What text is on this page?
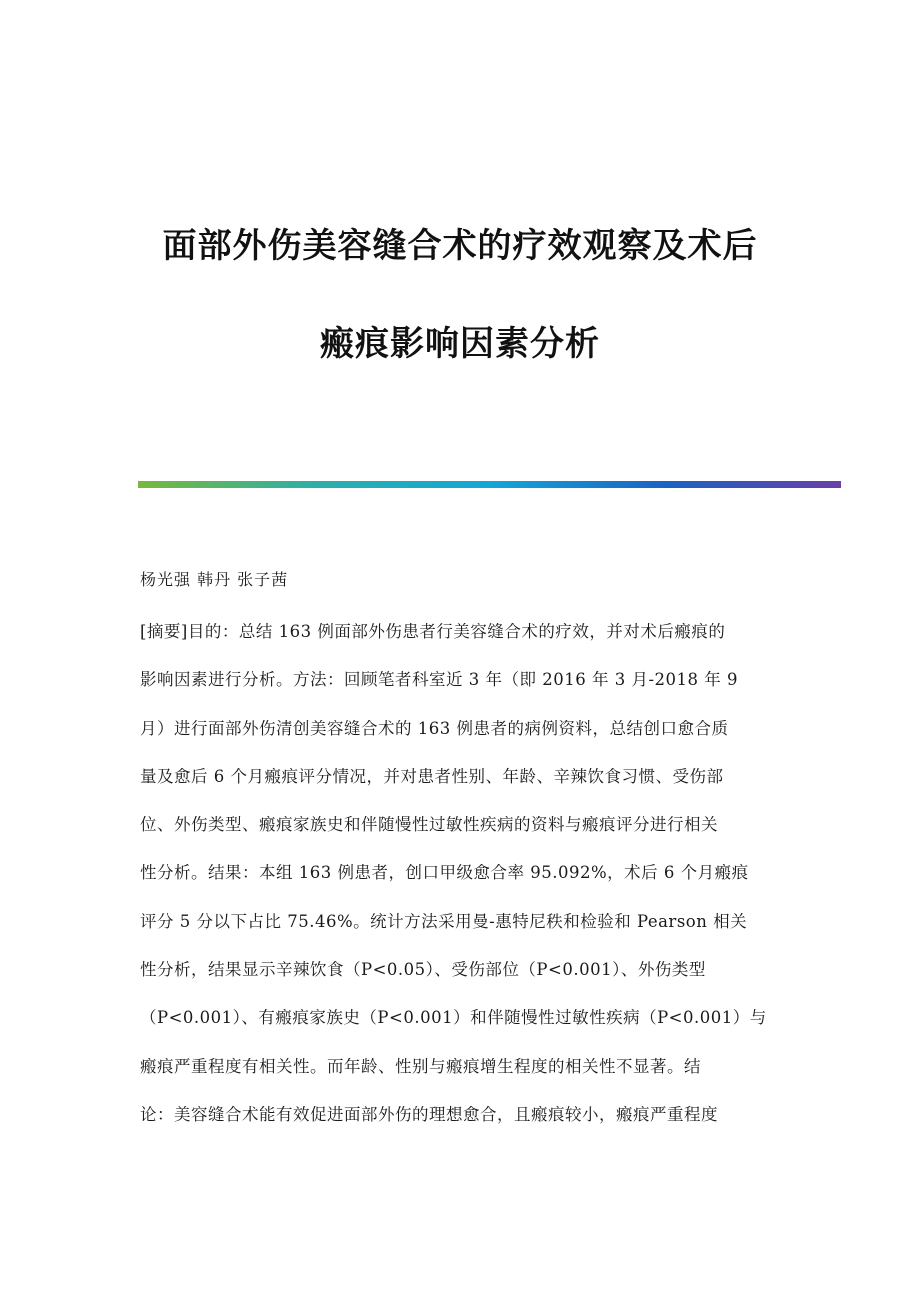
面部外伤美容缝合术的疗效观察及术后
瘢痕影响因素分析

杨光强 韩丹 张子茜

[摘要]目的：总结 163 例面部外伤患者行美容缝合术的疗效，并对术后瘢痕的
影响因素进行分析。方法：回顾笔者科室近 3 年（即 2016 年 3 月-2018 年 9
月）进行面部外伤清创美容缝合术的 163 例患者的病例资料，总结创口愈合质
量及愈后 6 个月瘢痕评分情况，并对患者性别、年龄、辛辣饮食习惯、受伤部
位、外伤类型、瘢痕家族史和伴随慢性过敏性疾病的资料与瘢痕评分进行相关
性分析。结果：本组 163 例患者，创口甲级愈合率 95.092%，术后 6 个月瘢痕
评分 5 分以下占比 75.46%。统计方法采用曼-惠特尼秩和检验和 Pearson 相关
性分析，结果显示辛辣饮食（P<0.05）、受伤部位（P<0.001）、外伤类型
（P<0.001）、有瘢痕家族史（P<0.001）和伴随慢性过敏性疾病（P<0.001）与
瘢痕严重程度有相关性。而年龄、性别与瘢痕增生程度的相关性不显著。结
论：美容缝合术能有效促进面部外伤的理想愈合，且瘢痕较小，瘢痕严重程度
